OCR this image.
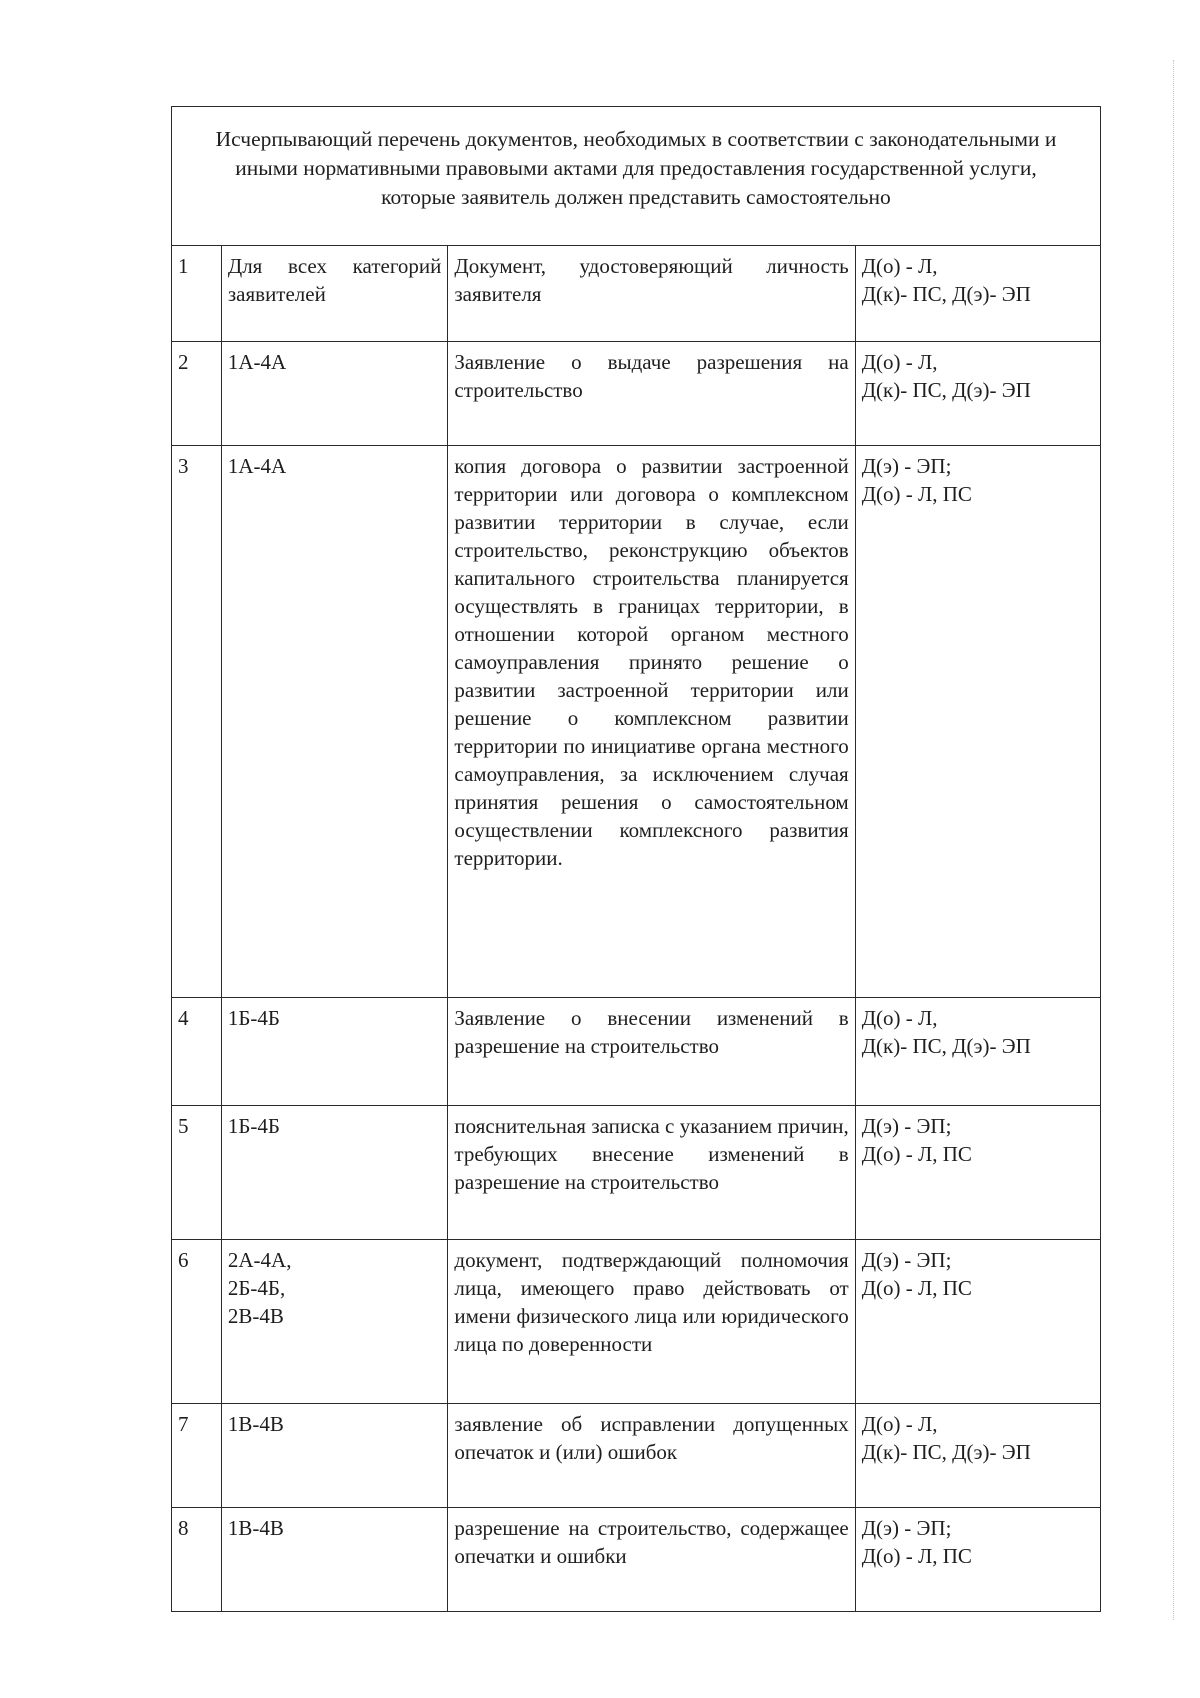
Исчерпывающий перечень документов, необходимых в соответствии с законодательными и иными нормативными правовыми актами для предоставления государственной услуги, которые заявитель должен представить самостоятельно			
1	Для всех категорий заявителей	Документ, удостоверяющий личность заявителя	Д(о) - Л,
Д(к)- ПС, Д(э)- ЭП
2	1А-4А	Заявление о выдаче разрешения на строительство	Д(о) - Л,
Д(к)- ПС, Д(э)- ЭП
3	1А-4А	копия договора о развитии застроенной территории или договора о комплексном развитии территории в случае, если строительство, реконструкцию объектов капитального строительства планируется осуществлять в границах территории, в отношении которой органом местного самоуправления принято решение о развитии застроенной территории или решение о комплексном развитии территории по инициативе органа местного самоуправления, за исключением случая принятия решения о самостоятельном осуществлении комплексного развития территории.	Д(э) - ЭП;
Д(о) - Л, ПС
4	1Б-4Б	Заявление о внесении изменений в разрешение на строительство	Д(о) - Л,
Д(к)- ПС, Д(э)- ЭП
5	1Б-4Б	пояснительная записка с указанием причин, требующих внесение изменений в разрешение на строительство	Д(э) - ЭП;
Д(о) - Л, ПС
6	2А-4А,
2Б-4Б,
2В-4В	документ, подтверждающий полномочия лица, имеющего право действовать от имени физического лица или юридического лица по доверенности	Д(э) - ЭП;
Д(о) - Л, ПС
7	1В-4В	заявление об исправлении допущенных опечаток и (или) ошибок	Д(о) - Л,
Д(к)- ПС, Д(э)- ЭП
8	1В-4В	разрешение на строительство, содержащее опечатки и ошибки	Д(э) - ЭП;
Д(о) - Л, ПС
